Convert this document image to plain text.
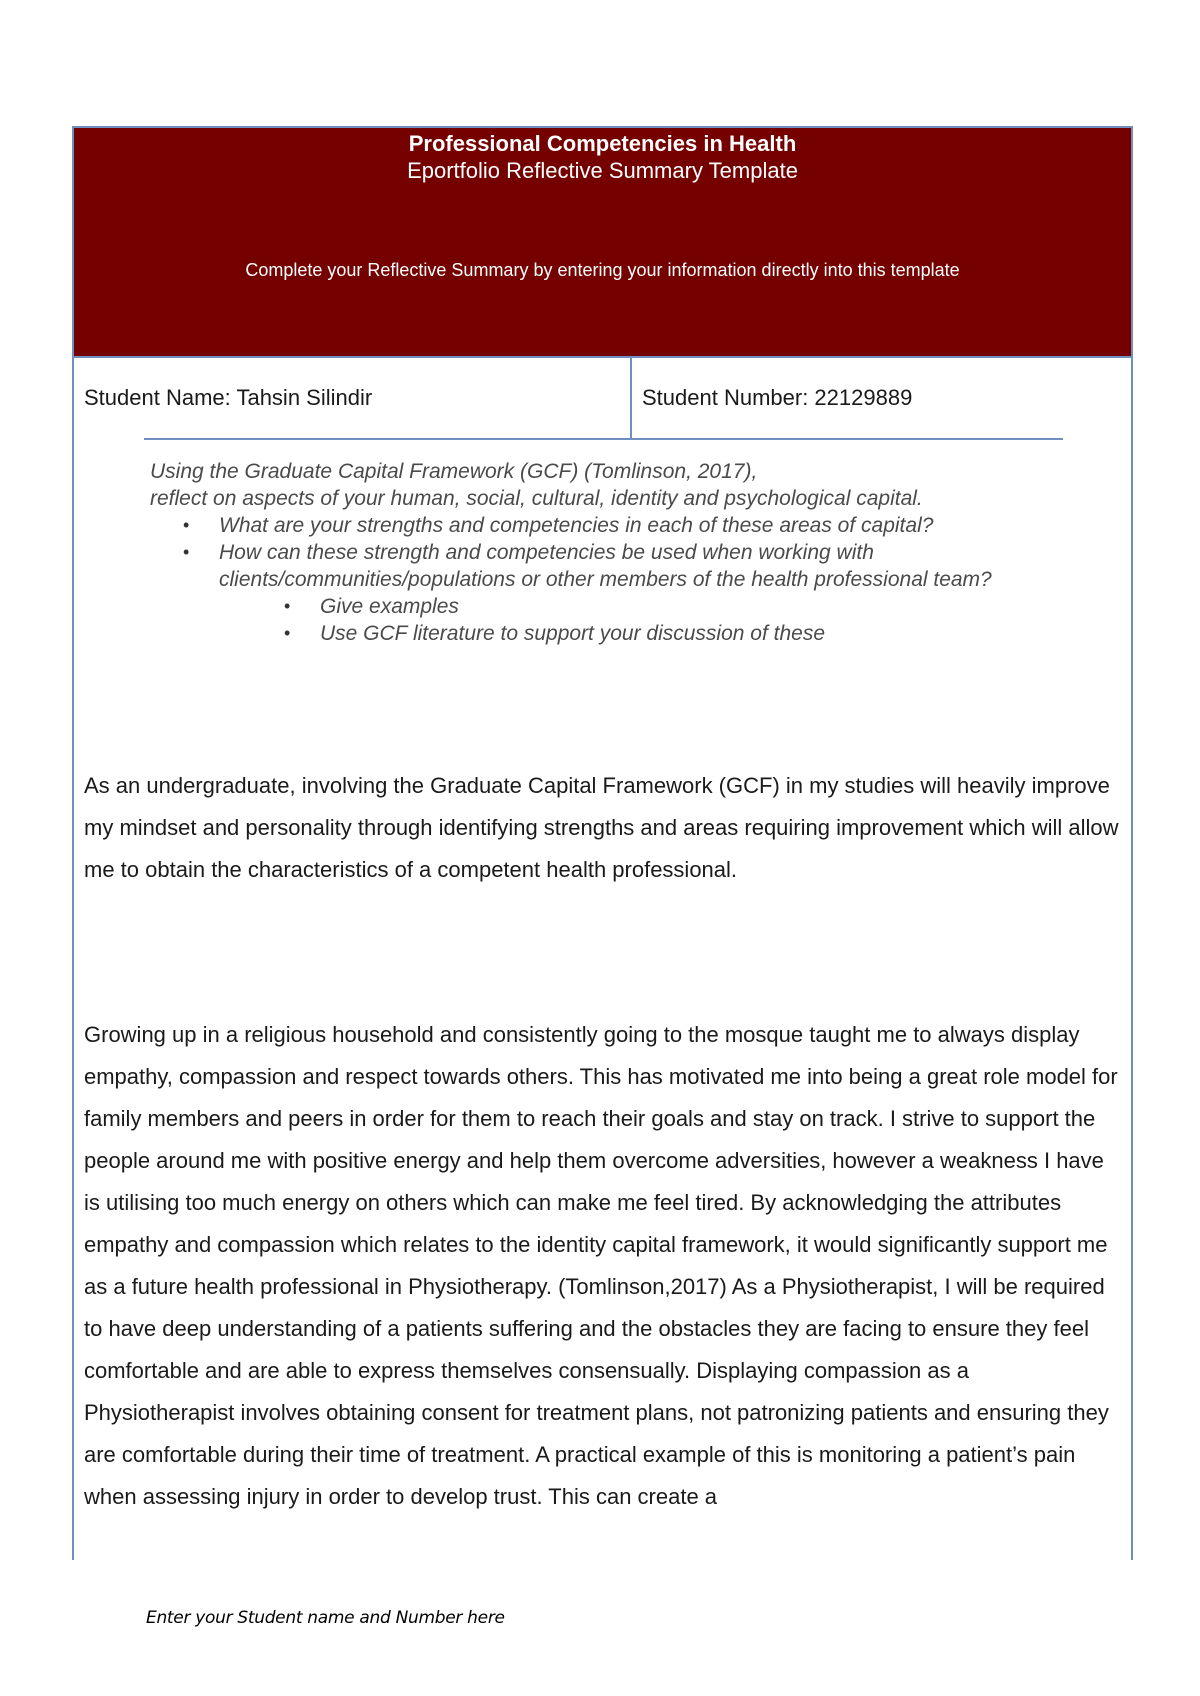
Professional Competencies in Health
Eportfolio Reflective Summary Template
Complete your Reflective Summary by entering your information directly into this template
Student Name: Tahsin Silindir	Student Number: 22129889
Using the Graduate Capital Framework (GCF) (Tomlinson, 2017),
reflect on aspects of your human, social, cultural, identity and psychological capital.
• What are your strengths and competencies in each of these areas of capital?
• How can these strength and competencies be used when working with
clients/communities/populations or other members of the health professional team?
• Give examples
• Use GCF literature to support your discussion of these
As an undergraduate, involving the Graduate Capital Framework (GCF) in my studies will heavily improve my mindset and personality through identifying strengths and areas requiring improvement which will allow me to obtain the characteristics of a competent health professional.
Growing up in a religious household and consistently going to the mosque taught me to always display empathy, compassion and respect towards others. This has motivated me into being a great role model for family members and peers in order for them to reach their goals and stay on track. I strive to support the people around me with positive energy and help them overcome adversities, however a weakness I have is utilising too much energy on others which can make me feel tired. By acknowledging the attributes empathy and compassion which relates to the identity capital framework, it would significantly support me as a future health professional in Physiotherapy. (Tomlinson,2017) As a Physiotherapist, I will be required to have deep understanding of a patients suffering and the obstacles they are facing to ensure they feel comfortable and are able to express themselves consensually. Displaying compassion as a Physiotherapist involves obtaining consent for treatment plans, not patronizing patients and ensuring they are comfortable during their time of treatment. A practical example of this is monitoring a patient’s pain when assessing injury in order to develop trust. This can create a
Enter your Student name and Number here
